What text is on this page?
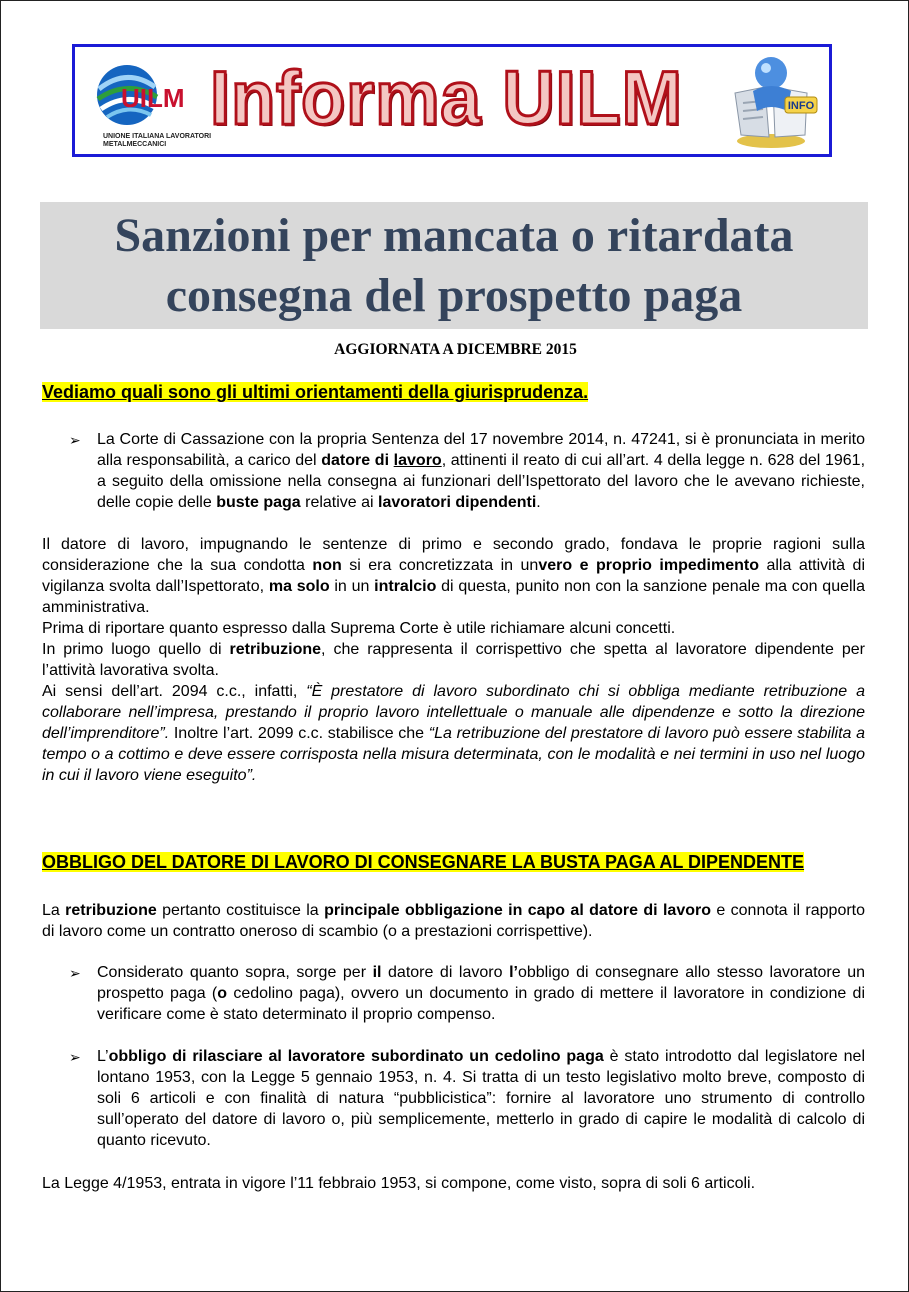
UILM
UNIONE ITALIANA LAVORATORI METALMECCANICI
Informa UILM	INFO
Sanzioni per mancata o ritardata
consegna del prospetto paga
AGGIORNATA A DICEMBRE 2015
Vediamo quali sono gli ultimi orientamenti della giurisprudenza.
➢ La Corte di Cassazione con la propria Sentenza del 17 novembre 2014, n. 47241, si è pronunciata in merito alla responsabilità, a carico del datore di lavoro, attinenti il reato di cui all’art. 4 della legge n. 628 del 1961, a seguito della omissione nella consegna ai funzionari dell’Ispettorato del lavoro che le avevano richieste, delle copie delle buste paga relative ai lavoratori dipendenti.
Il datore di lavoro, impugnando le sentenze di primo e secondo grado, fondava le proprie ragioni sulla considerazione che la sua condotta non si era concretizzata in unvero e proprio impedimento alla attività di vigilanza svolta dall’Ispettorato, ma solo in un intralcio di questa, punito non con la sanzione penale ma con quella amministrativa.
Prima di riportare quanto espresso dalla Suprema Corte è utile richiamare alcuni concetti.
In primo luogo quello di retribuzione, che rappresenta il corrispettivo che spetta al lavoratore dipendente per l’attività lavorativa svolta.
Ai sensi dell’art. 2094 c.c., infatti, “È prestatore di lavoro subordinato chi si obbliga mediante retribuzione a collaborare nell’impresa, prestando il proprio lavoro intellettuale o manuale alle dipendenze e sotto la direzione dell’imprenditore”. Inoltre l’art. 2099 c.c. stabilisce che “La retribuzione del prestatore di lavoro può essere stabilita a tempo o a cottimo e deve essere corrisposta nella misura determinata, con le modalità e nei termini in uso nel luogo in cui il lavoro viene eseguito”.
OBBLIGO DEL DATORE DI LAVORO DI CONSEGNARE LA BUSTA PAGA AL DIPENDENTE
La retribuzione pertanto costituisce la principale obbligazione in capo al datore di lavoro e connota il rapporto di lavoro come un contratto oneroso di scambio (o a prestazioni corrispettive).
➢ Considerato quanto sopra, sorge per il datore di lavoro l’obbligo di consegnare allo stesso lavoratore un prospetto paga (o cedolino paga), ovvero un documento in grado di mettere il lavoratore in condizione di verificare come è stato determinato il proprio compenso.
➢ L’obbligo di rilasciare al lavoratore subordinato un cedolino paga è stato introdotto dal legislatore nel lontano 1953, con la Legge 5 gennaio 1953, n. 4. Si tratta di un testo legislativo molto breve, composto di soli 6 articoli e con finalità di natura “pubblicistica”: fornire al lavoratore uno strumento di controllo sull’operato del datore di lavoro o, più semplicemente, metterlo in grado di capire le modalità di calcolo di quanto ricevuto.
La Legge 4/1953, entrata in vigore l’11 febbraio 1953, si compone, come visto, sopra di soli 6 articoli.
